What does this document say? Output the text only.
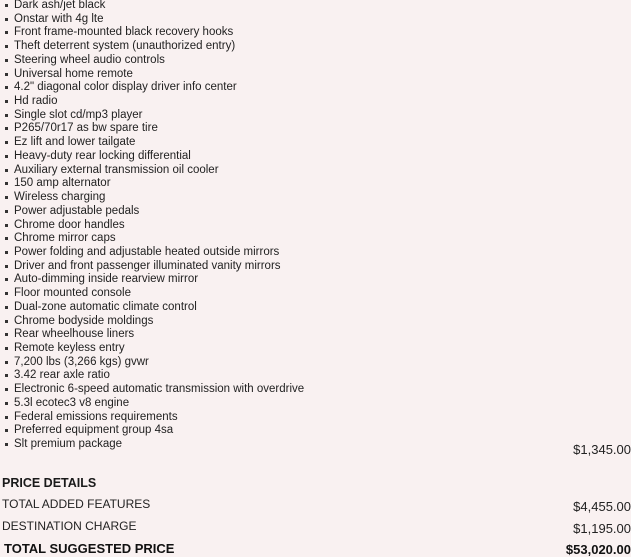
Dark ash/jet black
Onstar with 4g lte
Front frame-mounted black recovery hooks
Theft deterrent system (unauthorized entry)
Steering wheel audio controls
Universal home remote
4.2" diagonal color display driver info center
Hd radio
Single slot cd/mp3 player
P265/70r17 as bw spare tire
Ez lift and lower tailgate
Heavy-duty rear locking differential
Auxiliary external transmission oil cooler
150 amp alternator
Wireless charging
Power adjustable pedals
Chrome door handles
Chrome mirror caps
Power folding and adjustable heated outside mirrors
Driver and front passenger illuminated vanity mirrors
Auto-dimming inside rearview mirror
Floor mounted console
Dual-zone automatic climate control
Chrome bodyside moldings
Rear wheelhouse liners
Remote keyless entry
7,200 lbs (3,266 kgs) gvwr
3.42 rear axle ratio
Electronic 6-speed automatic transmission with overdrive
5.3l ecotec3 v8 engine
Federal emissions requirements
Preferred equipment group 4sa
Slt premium package	$1,345.00
PRICE DETAILS
TOTAL ADDED FEATURES	$4,455.00
DESTINATION CHARGE	$1,195.00
TOTAL SUGGESTED PRICE	$53,020.00
